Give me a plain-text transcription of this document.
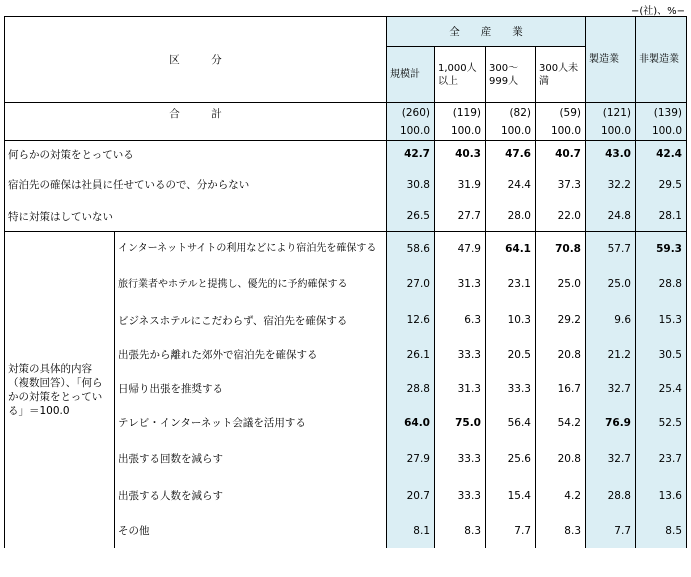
−(社)、%−
区　　　分		全　　産　　業				製造業	非製造業
		規模計	1,000人以上	300～999人	300人未満		
合　　　計		(260)	(119)	(82)	(59)	(121)	(139)
		100.0	100.0	100.0	100.0	100.0	100.0
何らかの対策をとっている		42.7	40.3	47.6	40.7	43.0	42.4
宿泊先の確保は社員に任せているので、分からない		30.8	31.9	24.4	37.3	32.2	29.5
特に対策はしていない		26.5	27.7	28.0	22.0	24.8	28.1
対策の具体的内容（複数回答）、「何らかの対策をとっている」＝100.0	インターネットサイトの利用などにより宿泊先を確保する	58.6	47.9	64.1	70.8	57.7	59.3
	旅行業者やホテルと提携し、優先的に予約確保する	27.0	31.3	23.1	25.0	25.0	28.8
	ビジネスホテルにこだわらず、宿泊先を確保する	12.6	6.3	10.3	29.2	9.6	15.3
	出張先から離れた郊外で宿泊先を確保する	26.1	33.3	20.5	20.8	21.2	30.5
	日帰り出張を推奨する	28.8	31.3	33.3	16.7	32.7	25.4
	テレビ・インターネット会議を活用する	64.0	75.0	56.4	54.2	76.9	52.5
	出張する回数を減らす	27.9	33.3	25.6	20.8	32.7	23.7
	出張する人数を減らす	20.7	33.3	15.4	4.2	28.8	13.6
	その他	8.1	8.3	7.7	8.3	7.7	8.5
